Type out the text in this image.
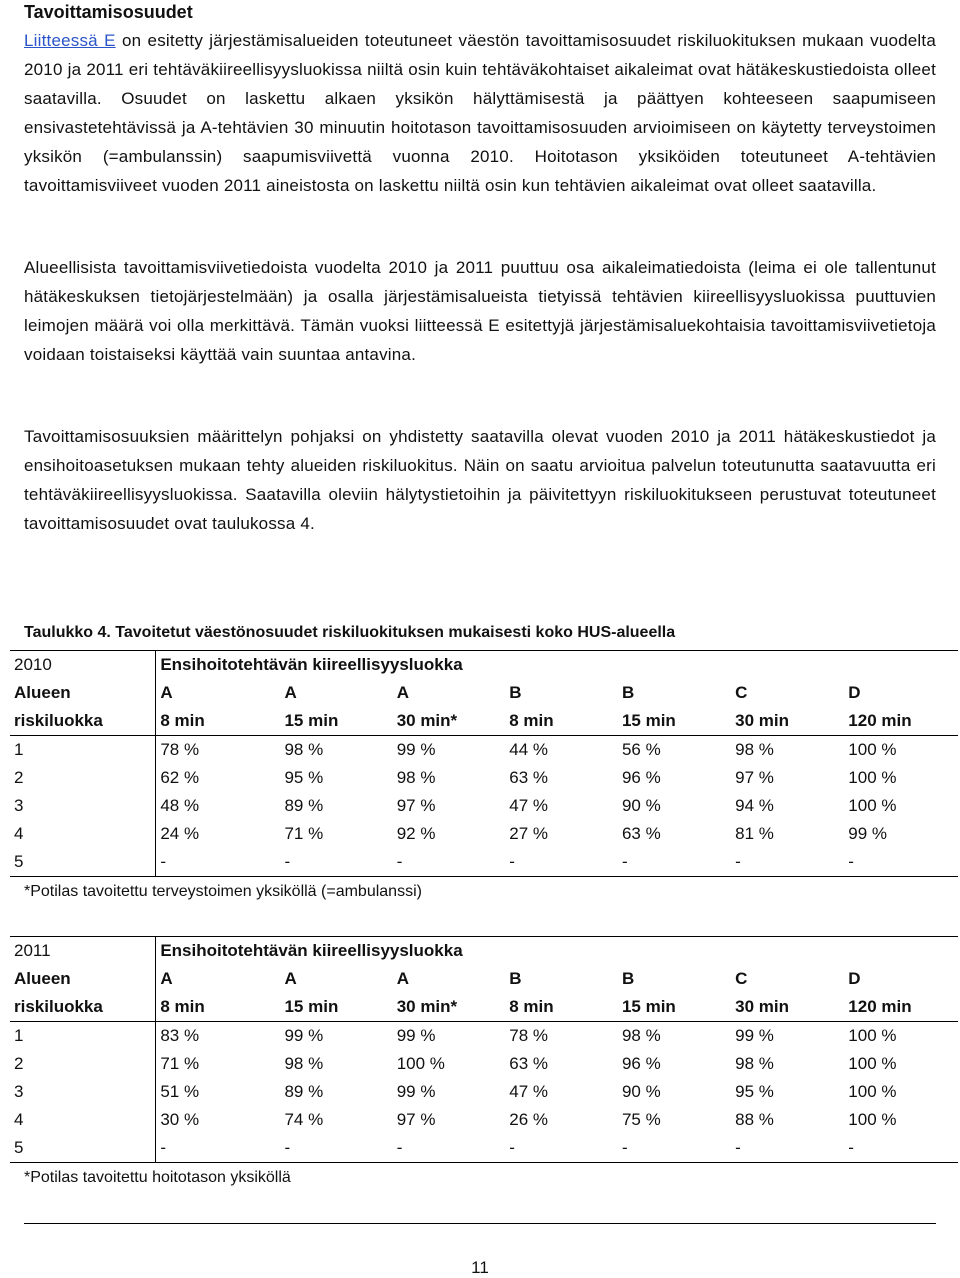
Tavoittamisosuudet

Liitteessä E on esitetty järjestämisalueiden toteutuneet väestön tavoittamisosuudet riskiluokituksen mukaan vuodelta 2010 ja 2011 eri tehtäväkiireellisyysluokissa niiltä osin kuin tehtäväkohtaiset aikaleimat ovat hätäkeskustiedoista olleet saatavilla. Osuudet on laskettu alkaen yksikön hälyttämisestä ja päättyen kohteeseen saapumiseen ensivastetehtävissä ja A-tehtävien 30 minuutin hoitotason tavoittamisosuuden arvioimiseen on käytetty terveystoimen yksikön (=ambulanssin) saapumisviivettä vuonna 2010. Hoitotason yksiköiden toteutuneet A-tehtävien tavoittamisviiveet vuoden 2011 aineistosta on laskettu niiltä osin kun tehtävien aikaleimat ovat olleet saatavilla.

Alueellisista tavoittamisviivetiedoista vuodelta 2010 ja 2011 puuttuu osa aikaleimatiedoista (leima ei ole tallentunut hätäkeskuksen tietojärjestelmään) ja osalla järjestämisalueista tietyissä tehtävien kiireellisyysluokissa puuttuvien leimojen määrä voi olla merkittävä. Tämän vuoksi liitteessä E esitettyjä järjestämisaluekohtaisia tavoittamisviivetietoja voidaan toistaiseksi käyttää vain suuntaa antavina.

Tavoittamisosuuksien määrittelyn pohjaksi on yhdistetty saatavilla olevat vuoden 2010 ja 2011 hätäkeskustiedot ja ensihoitoasetuksen mukaan tehty alueiden riskiluokitus. Näin on saatu arvioitua palvelun toteutunutta saatavuutta eri tehtäväkiireellisyysluokissa. Saatavilla oleviin hälytystietoihin ja päivitettyyn riskiluokitukseen perustuvat toteutuneet tavoittamisosuudet ovat taulukossa 4.

Taulukko 4. Tavoitetut väestönosuudet riskiluokituksen mukaisesti koko HUS-alueella

2010	Ensihoitotehtävän kiireellisyysluokka						
Alueen	A	A	A	B	B	C	D
riskiluokka	8 min	15 min	30 min*	8 min	15 min	30 min	120 min
1	78 %	98 %	99 %	44 %	56 %	98 %	100 %
2	62 %	95 %	98 %	63 %	96 %	97 %	100 %
3	48 %	89 %	97 %	47 %	90 %	94 %	100 %
4	24 %	71 %	92 %	27 %	63 %	81 %	99 %
5	-	-	-	-	-	-	-

*Potilas tavoitettu terveystoimen yksiköllä (=ambulanssi)

2011	Ensihoitotehtävän kiireellisyysluokka						
Alueen	A	A	A	B	B	C	D
riskiluokka	8 min	15 min	30 min*	8 min	15 min	30 min	120 min
1	83 %	99 %	99 %	78 %	98 %	99 %	100 %
2	71 %	98 %	100 %	63 %	96 %	98 %	100 %
3	51 %	89 %	99 %	47 %	90 %	95 %	100 %
4	30 %	74 %	97 %	26 %	75 %	88 %	100 %
5	-	-	-	-	-	-	-

*Potilas tavoitettu hoitotason yksiköllä

11
